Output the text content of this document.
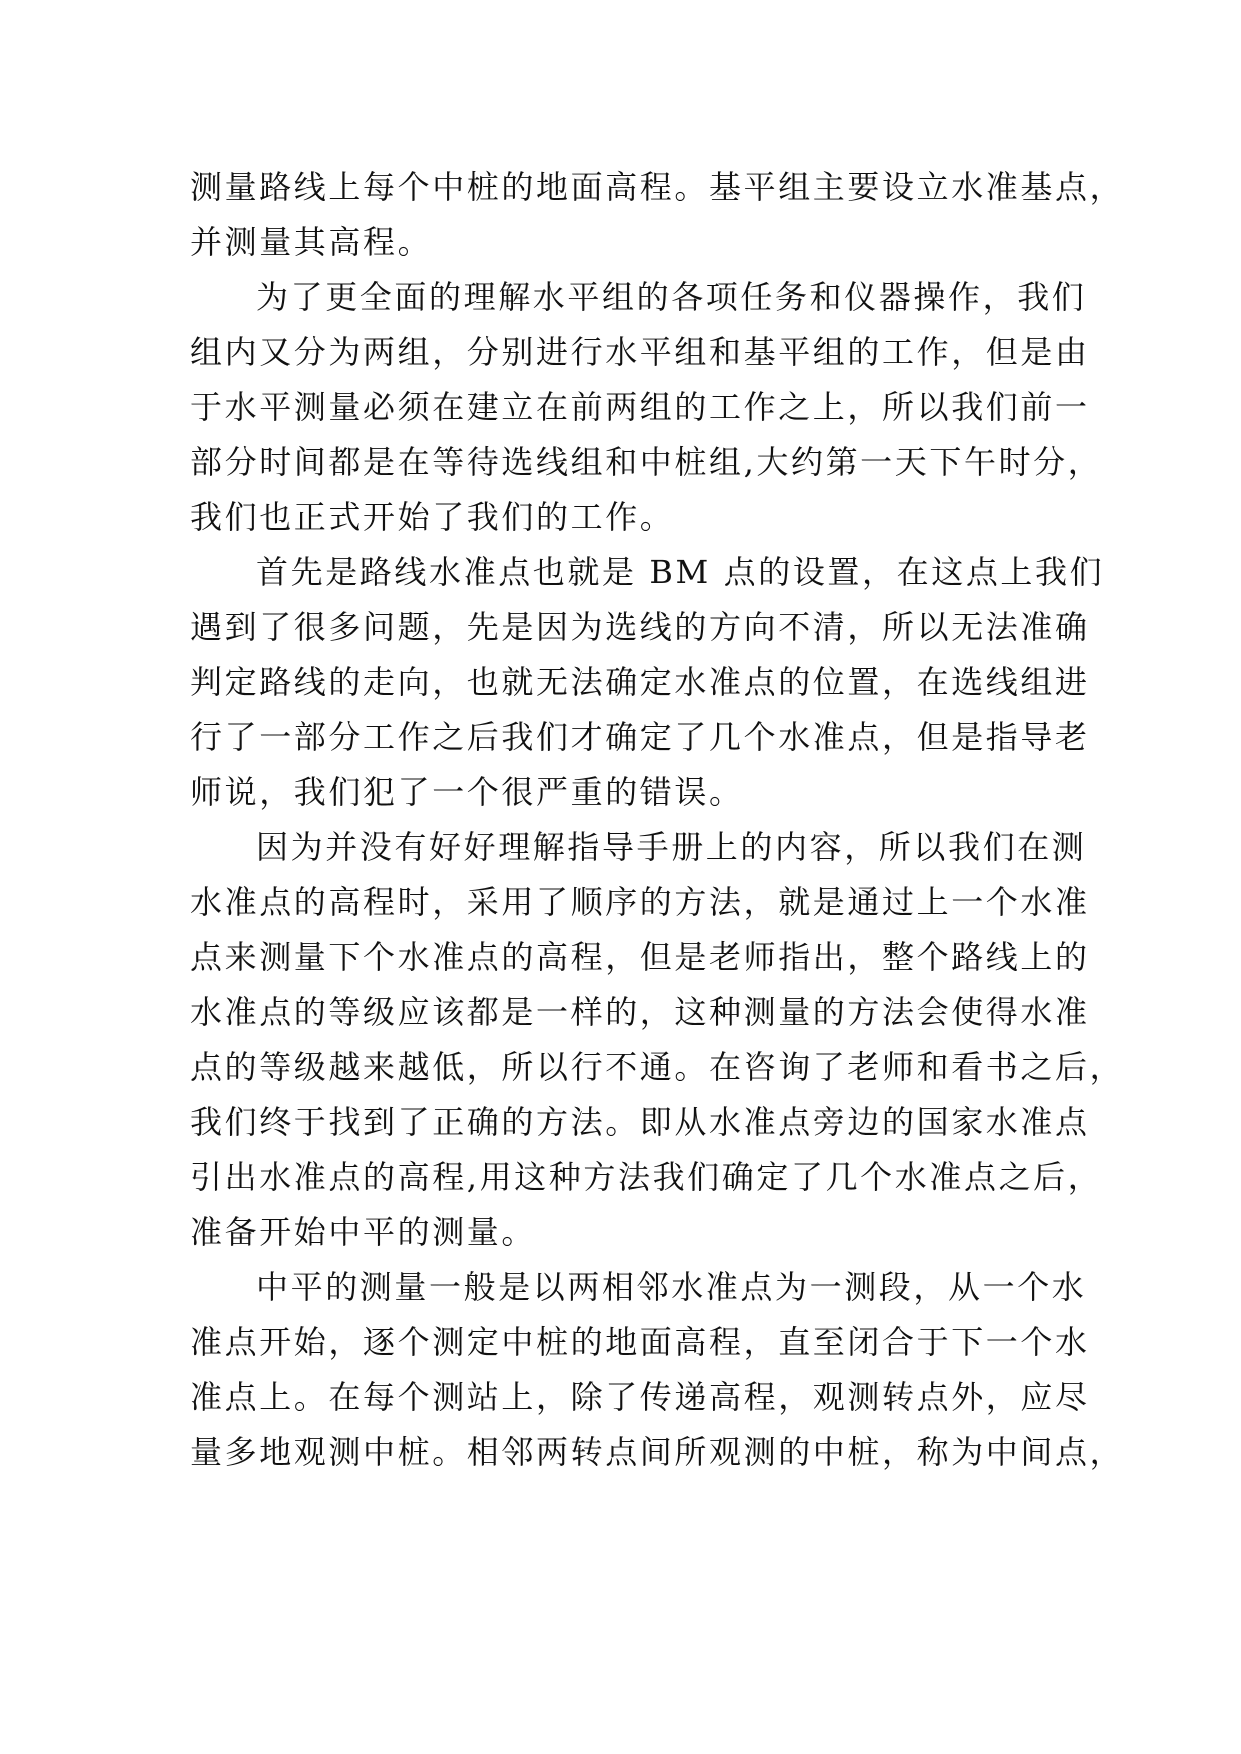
测量路线上每个中桩的地面高程。基平组主要设立水准基点，
并测量其高程。
为了更全面的理解水平组的各项任务和仪器操作，我们
组内又分为两组，分别进行水平组和基平组的工作，但是由
于水平测量必须在建立在前两组的工作之上，所以我们前一
部分时间都是在等待选线组和中桩组,大约第一天下午时分，
我们也正式开始了我们的工作。
首先是路线水准点也就是 BM 点的设置，在这点上我们
遇到了很多问题，先是因为选线的方向不清，所以无法准确
判定路线的走向，也就无法确定水准点的位置，在选线组进
行了一部分工作之后我们才确定了几个水准点，但是指导老
师说，我们犯了一个很严重的错误。
因为并没有好好理解指导手册上的内容，所以我们在测
水准点的高程时，采用了顺序的方法，就是通过上一个水准
点来测量下个水准点的高程，但是老师指出，整个路线上的
水准点的等级应该都是一样的，这种测量的方法会使得水准
点的等级越来越低，所以行不通。在咨询了老师和看书之后，
我们终于找到了正确的方法。即从水准点旁边的国家水准点
引出水准点的高程,用这种方法我们确定了几个水准点之后，
准备开始中平的测量。
中平的测量一般是以两相邻水准点为一测段，从一个水
准点开始，逐个测定中桩的地面高程，直至闭合于下一个水
准点上。在每个测站上，除了传递高程，观测转点外，应尽
量多地观测中桩。相邻两转点间所观测的中桩，称为中间点，
